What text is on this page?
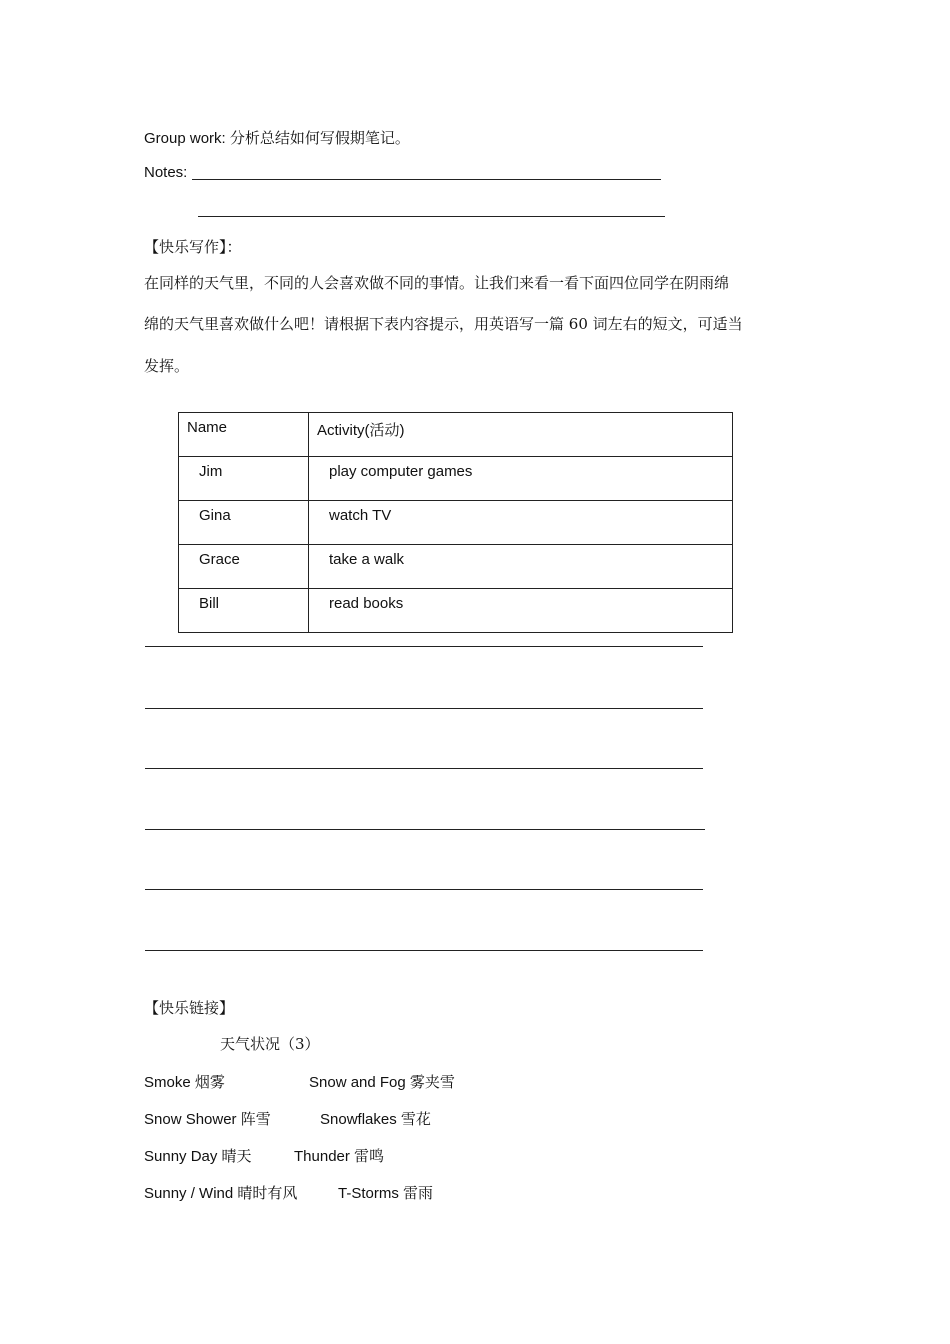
Group work: 分析总结如何写假期笔记。
Notes:
【快乐写作】：
在同样的天气里，不同的人会喜欢做不同的事情。让我们来看一看下面四位同学在阴雨绵
绵的天气里喜欢做什么吧！请根据下表内容提示，用英语写一篇 60 词左右的短文，可适当
发挥。
Name	Activity(活动)
Jim	play computer games
Gina	watch TV
Grace	take a walk
Bill	read books
【快乐链接】
天气状况（3）
Smoke 烟雾	Snow and Fog 雾夹雪
Snow Shower 阵雪	Snowflakes 雪花
Sunny Day 晴天	Thunder 雷鸣
Sunny / Wind 晴时有风	T-Storms 雷雨
